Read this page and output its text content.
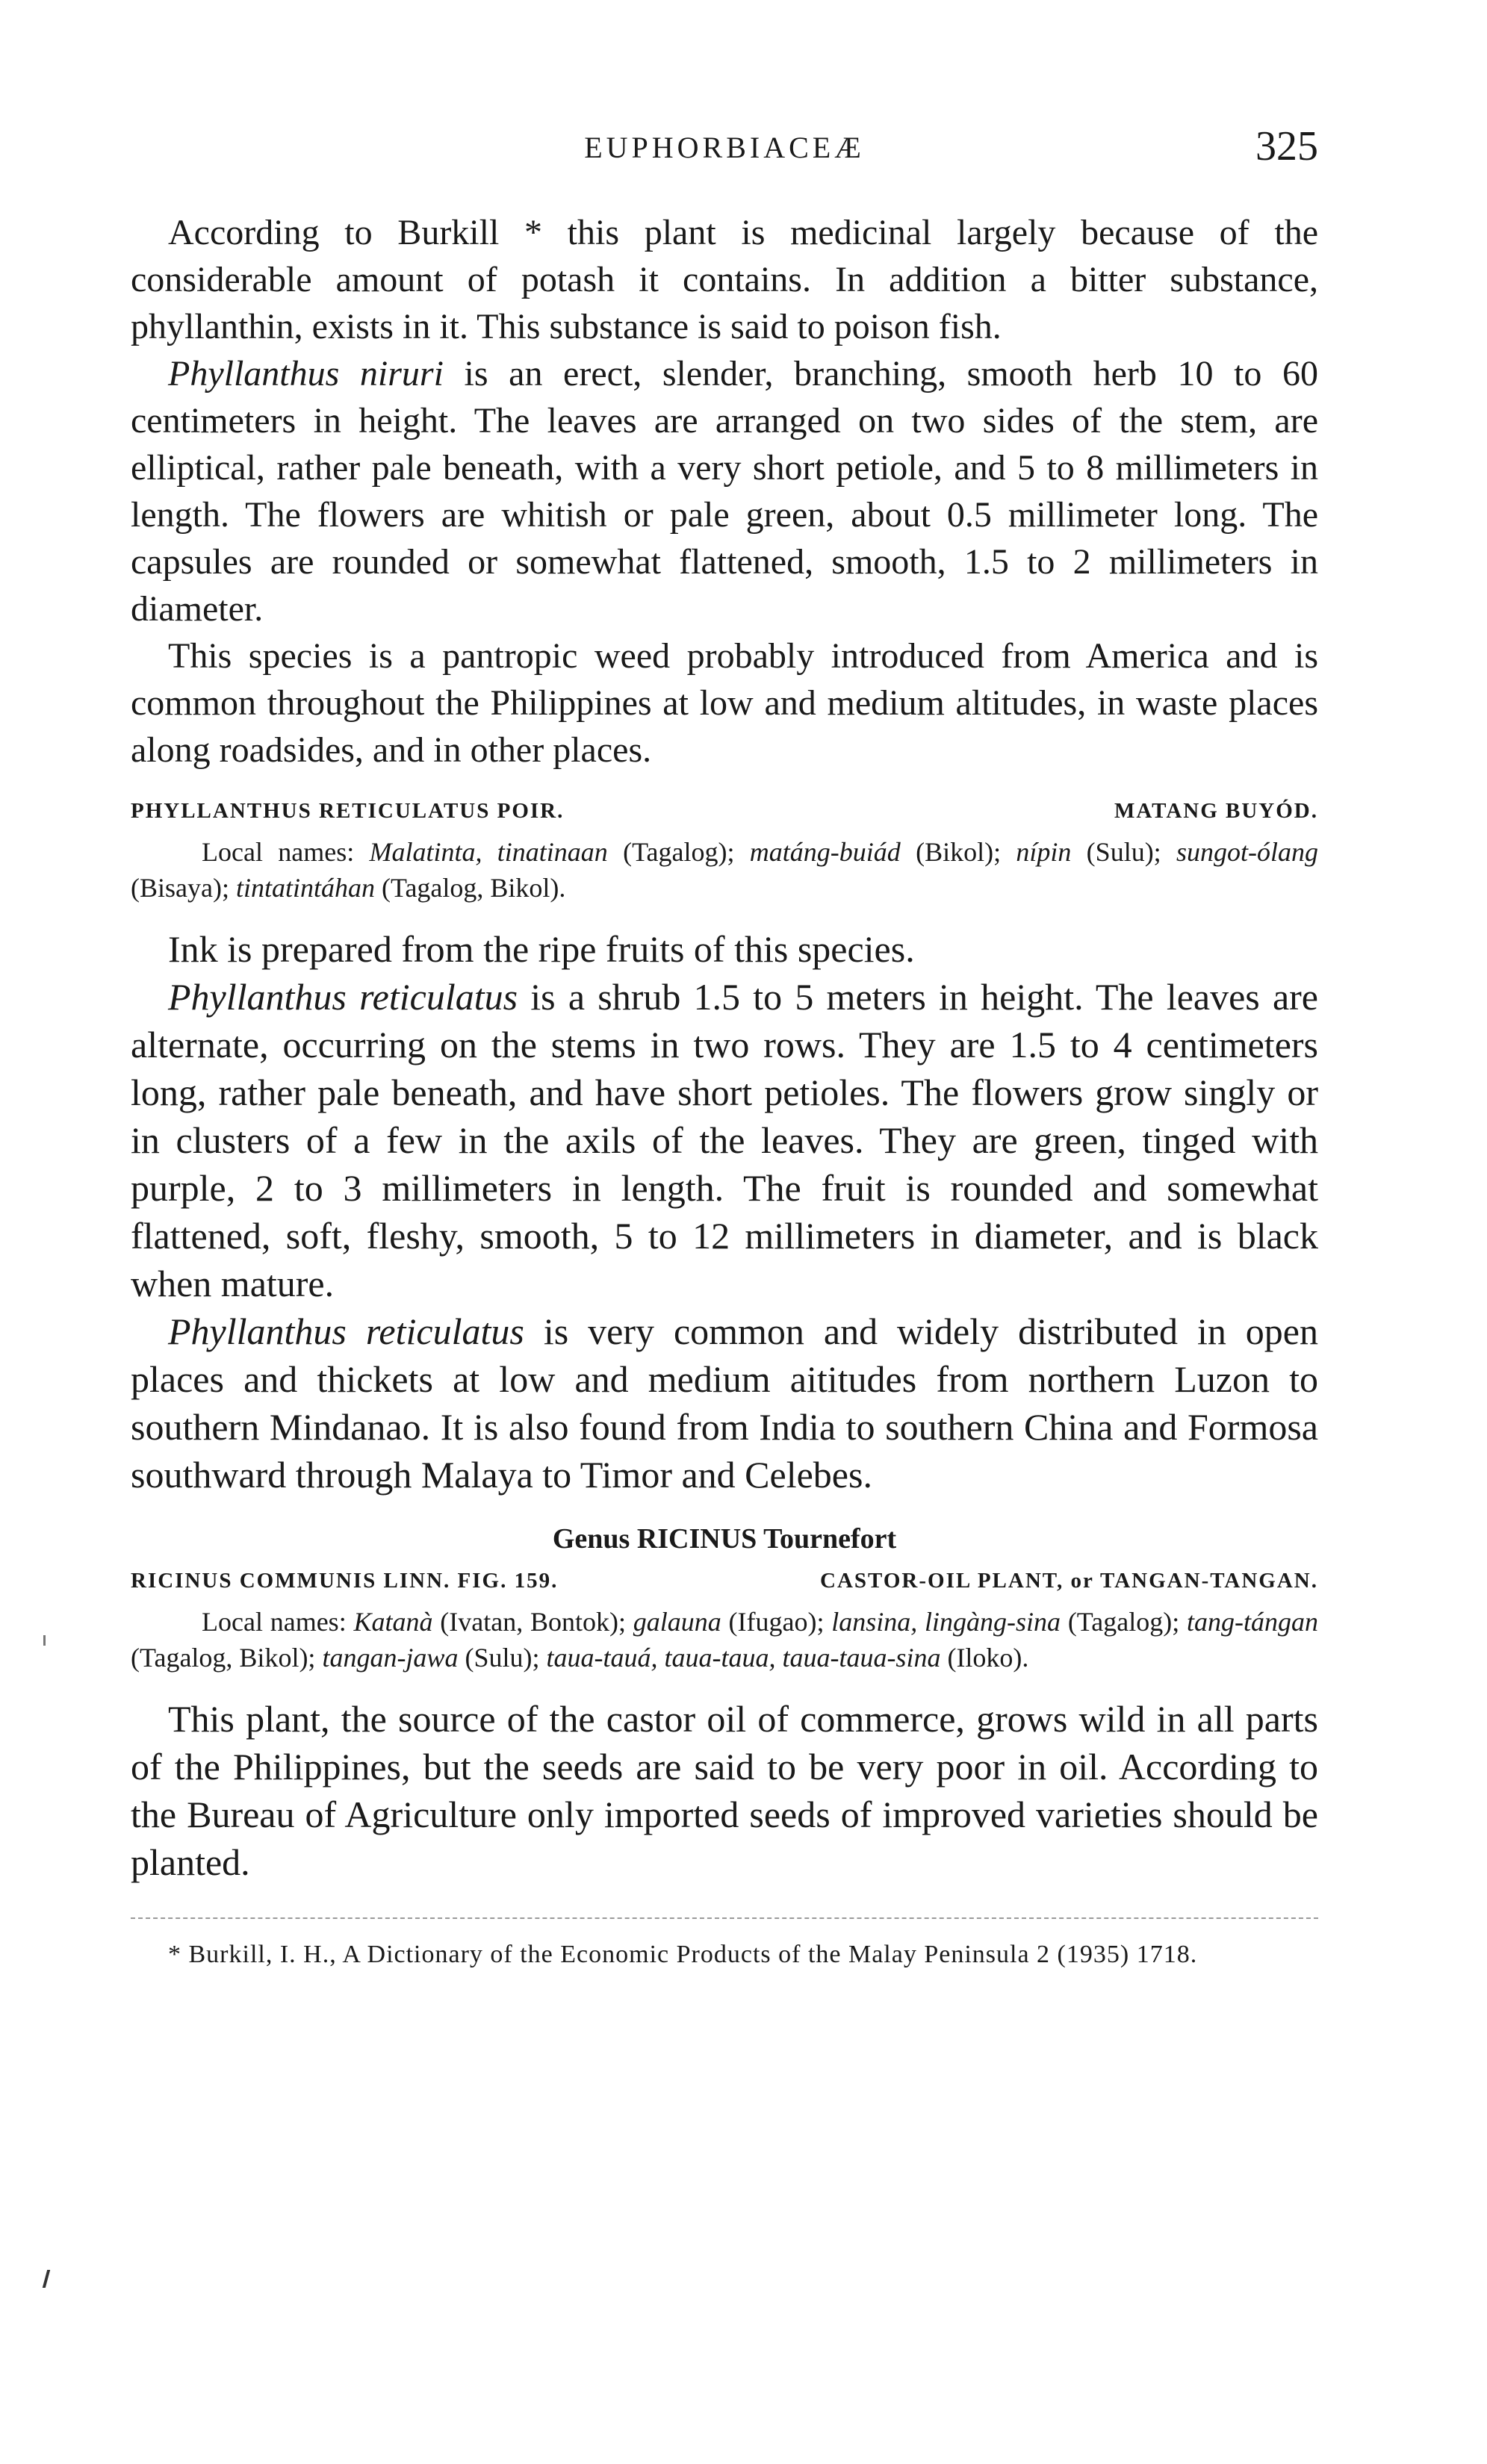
EUPHORBIACEÆ	325

According to Burkill * this plant is medicinal largely because of the considerable amount of potash it contains. In addition a bitter substance, phyllanthin, exists in it. This substance is said to poison fish.

Phyllanthus niruri is an erect, slender, branching, smooth herb 10 to 60 centimeters in height. The leaves are arranged on two sides of the stem, are elliptical, rather pale beneath, with a very short petiole, and 5 to 8 millimeters in length. The flowers are whitish or pale green, about 0.5 millimeter long. The capsules are rounded or somewhat flattened, smooth, 1.5 to 2 millimeters in diameter.

This species is a pantropic weed probably introduced from America and is common throughout the Philippines at low and medium altitudes, in waste places along roadsides, and in other places.

PHYLLANTHUS RETICULATUS POIR.	MATANG BUYÓD.

Local names: Malatinta, tinatinaan (Tagalog); matáng-buiád (Bikol); nípin (Sulu); sungot-ólang (Bisaya); tintatintáhan (Tagalog, Bikol).

Ink is prepared from the ripe fruits of this species.

Phyllanthus reticulatus is a shrub 1.5 to 5 meters in height. The leaves are alternate, occurring on the stems in two rows. They are 1.5 to 4 centimeters long, rather pale beneath, and have short petioles. The flowers grow singly or in clusters of a few in the axils of the leaves. They are green, tinged with purple, 2 to 3 millimeters in length. The fruit is rounded and somewhat flattened, soft, fleshy, smooth, 5 to 12 millimeters in diameter, and is black when mature.

Phyllanthus reticulatus is very common and widely distributed in open places and thickets at low and medium aititudes from northern Luzon to southern Mindanao. It is also found from India to southern China and Formosa southward through Malaya to Timor and Celebes.

Genus RICINUS Tournefort
RICINUS COMMUNIS LINN. FIG. 159.	CASTOR-OIL PLANT, or TANGAN-TANGAN.

Local names: Katanà (Ivatan, Bontok); galauna (Ifugao); lansina, lingàng-sina (Tagalog); tang-tángan (Tagalog, Bikol); tangan-jawa (Sulu); taua-tauá, taua-taua, taua-taua-sina (Iloko).

This plant, the source of the castor oil of commerce, grows wild in all parts of the Philippines, but the seeds are said to be very poor in oil. According to the Bureau of Agriculture only imported seeds of improved varieties should be planted.

* Burkill, I. H., A Dictionary of the Economic Products of the Malay Peninsula 2 (1935) 1718.
